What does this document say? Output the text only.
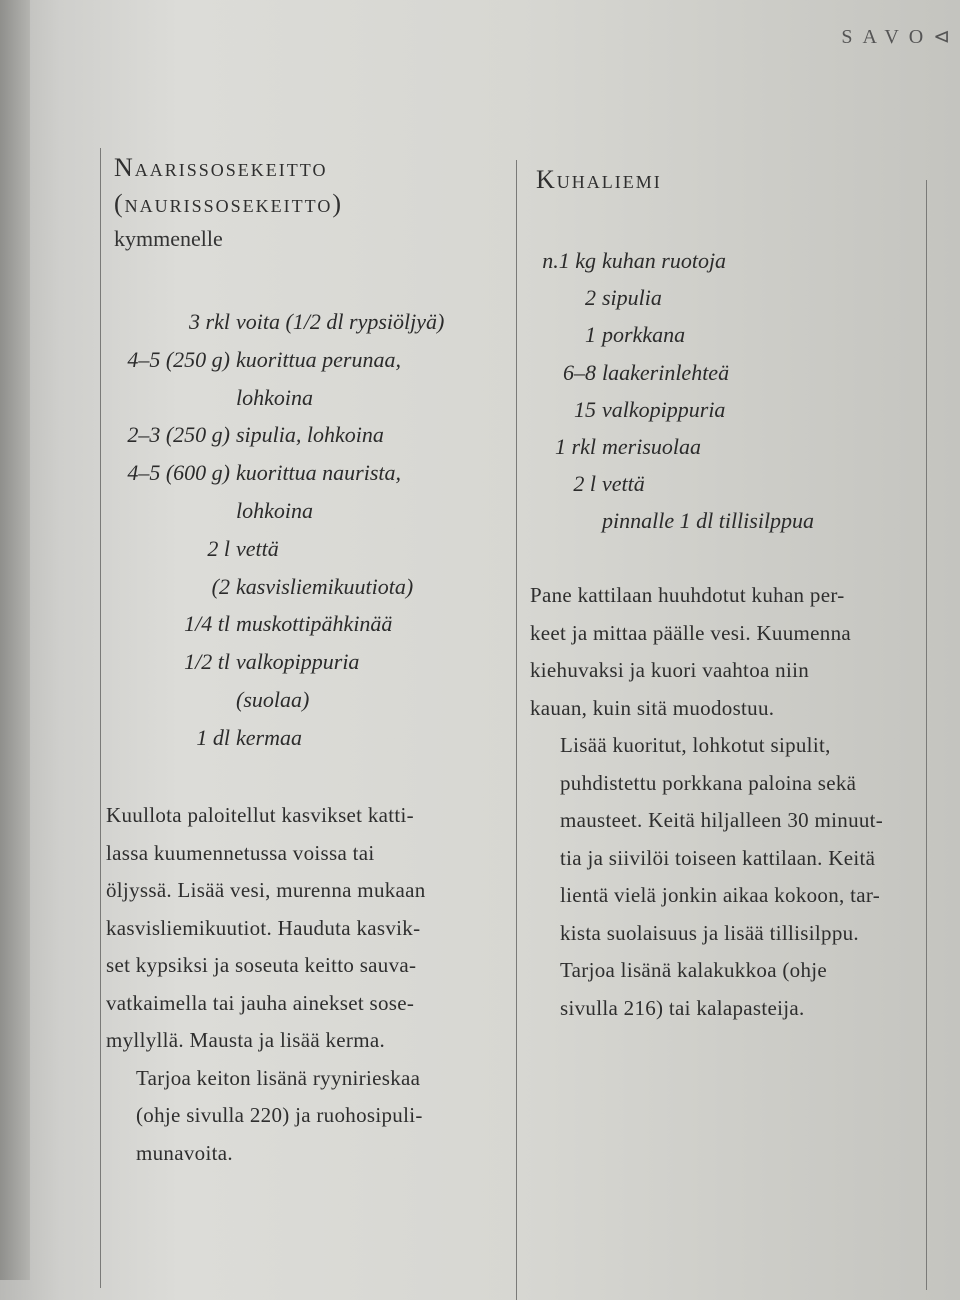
SAVO⊲
Naarissosekeitto
(naurissosekeitto)
kymmenelle
3 rkl voita (1/2 dl rypsiöljyä)
4–5 (250 g) kuorittua perunaa,
lohkoina
2–3 (250 g) sipulia, lohkoina
4–5 (600 g) kuorittua naurista,
lohkoina
2 l vettä
(2 kasvisliemikuutiota)
1/4 tl muskottipähkinää
1/2 tl valkopippuria
(suolaa)
1 dl kermaa

Kuullota paloitellut kasvikset katti-
lassa kuumennetussa voissa tai
öljyssä. Lisää vesi, murenna mukaan
kasvisliemikuutiot. Hauduta kasvik-
set kypsiksi ja soseuta keitto sauva-
vatkaimella tai jauha ainekset sose-
myllyllä. Mausta ja lisää kerma.

Tarjoa keiton lisänä ryynirieskaa
(ohje sivulla 220) ja ruohosipuli-
munavoita.

Kuhaliemi
n.1 kg kuhan ruotoja
2 sipulia
1 porkkana
6–8 laakerinlehteä
15 valkopippuria
1 rkl merisuolaa
2 l vettä
pinnalle 1 dl tillisilppua

Pane kattilaan huuhdotut kuhan per-
keet ja mittaa päälle vesi. Kuumenna
kiehuvaksi ja kuori vaahtoa niin
kauan, kuin sitä muodostuu.

Lisää kuoritut, lohkotut sipulit,
puhdistettu porkkana paloina sekä
mausteet. Keitä hiljalleen 30 minuut-
tia ja siivilöi toiseen kattilaan. Keitä
lientä vielä jonkin aikaa kokoon, tar-
kista suolaisuus ja lisää tillisilppu.

Tarjoa lisänä kalakukkoa (ohje
sivulla 216) tai kalapasteija.
